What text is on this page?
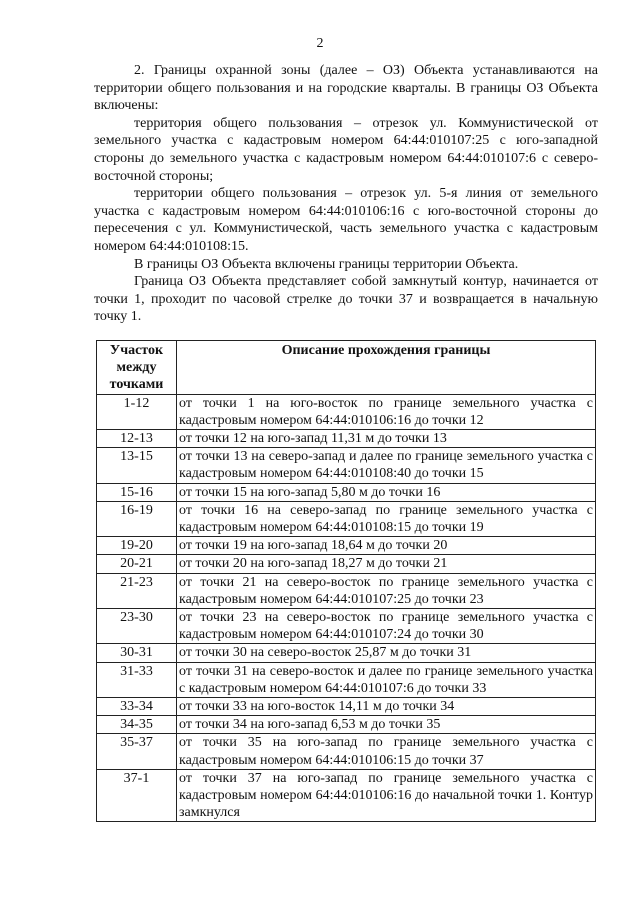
2

2. Границы охранной зоны (далее – ОЗ) Объекта устанавливаются на территории общего пользования и на городские кварталы. В границы ОЗ Объекта включены:

территория общего пользования – отрезок ул. Коммунистической от земельного участка с кадастровым номером 64:44:010107:25 с юго-западной стороны до земельного участка с кадастровым номером 64:44:010107:6 с северо-восточной стороны;

территории общего пользования – отрезок ул. 5-я линия от земельного участка с кадастровым номером 64:44:010106:16 с юго-восточной стороны до пересечения с ул. Коммунистической, часть земельного участка с кадастровым номером 64:44:010108:15.

В границы ОЗ Объекта включены границы территории Объекта.

Граница ОЗ Объекта представляет собой замкнутый контур, начинается от точки 1, проходит по часовой стрелке до точки 37 и возвращается в начальную точку 1.

Участок
между
точками	Описание прохождения границы
1-12	от точки 1 на юго-восток по границе земельного участка с кадастровым номером 64:44:010106:16 до точки 12
12-13	от точки 12 на юго-запад 11,31 м до точки 13
13-15	от точки 13 на северо-запад и далее по границе земельного участка с кадастровым номером 64:44:010108:40 до точки 15
15-16	от точки 15 на юго-запад 5,80 м до точки 16
16-19	от точки 16 на северо-запад по границе земельного участка с кадастровым номером 64:44:010108:15 до точки 19
19-20	от точки 19 на юго-запад 18,64 м до точки 20
20-21	от точки 20 на юго-запад 18,27 м до точки 21
21-23	от точки 21 на северо-восток по границе земельного участка с кадастровым номером 64:44:010107:25 до точки 23
23-30	от точки 23 на северо-восток по границе земельного участка с кадастровым номером 64:44:010107:24 до точки 30
30-31	от точки 30 на северо-восток 25,87 м до точки 31
31-33	от точки 31 на северо-восток и далее по границе земельного участка с кадастровым номером 64:44:010107:6 до точки 33
33-34	от точки 33 на юго-восток 14,11 м до точки 34
34-35	от точки 34 на юго-запад 6,53 м до точки 35
35-37	от точки 35 на юго-запад по границе земельного участка с кадастровым номером 64:44:010106:15 до точки 37
37-1	от точки 37 на юго-запад по границе земельного участка с кадастровым номером 64:44:010106:16 до начальной точки 1. Контур замкнулся
